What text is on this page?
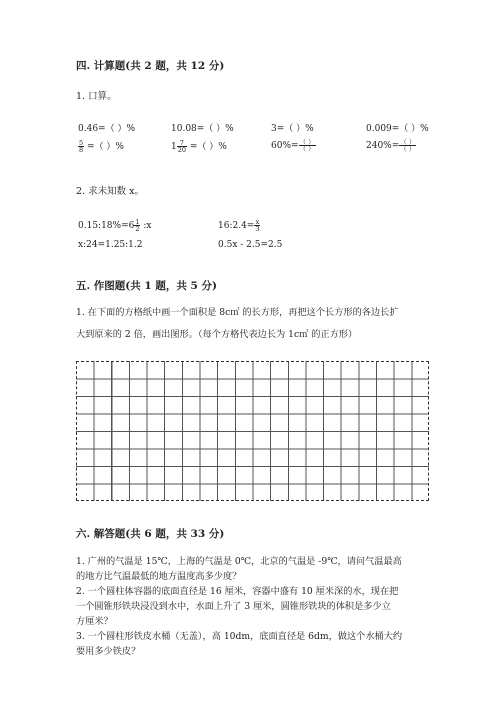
四. 计算题(共 2 题，共 12 分)
1. 口算。
0.46=（ ）%	10.08=（ ）%	3=（ ）%	0.009=（ ）%
$\frac{5}{8}$ =（ ）%	$1 \frac{7}{20}$ =（ ）%	$60\%= \frac{( )}{( )}$	$240\%= \frac{( )}{( )}$
2. 求未知数 x。
0.15:18%=6 $\frac{1}{2}$ :x	16:2.4= $\frac{x}{3}$
x:24=1.25:1.2	0.5x - 2.5=2.5
五. 作图题(共 1 题，共 5 分)
1. 在下面的方格纸中画一个面积是 8c㎡ 的长方形，再把这个长方形的各边长扩
大到原来的 2 倍，画出图形。（每个方格代表边长为 1c㎡ 的正方形）
六. 解答题(共 6 题，共 33 分)
1. 广州的气温是 15℃，上海的气温是 0℃，北京的气温是 -9℃，请问气温最高
的地方比气温最低的地方温度高多少度？
2. 一个圆柱体容器的底面直径是 16 厘米，容器中盛有 10 厘米深的水，现在把
一个圆锥形铁块浸没到水中，水面上升了 3 厘米，圆锥形铁块的体积是多少立
方厘米？
3. 一个圆柱形铁皮水桶（无盖），高 10dm，底面直径是 6dm，做这个水桶大约
要用多少铁皮？
